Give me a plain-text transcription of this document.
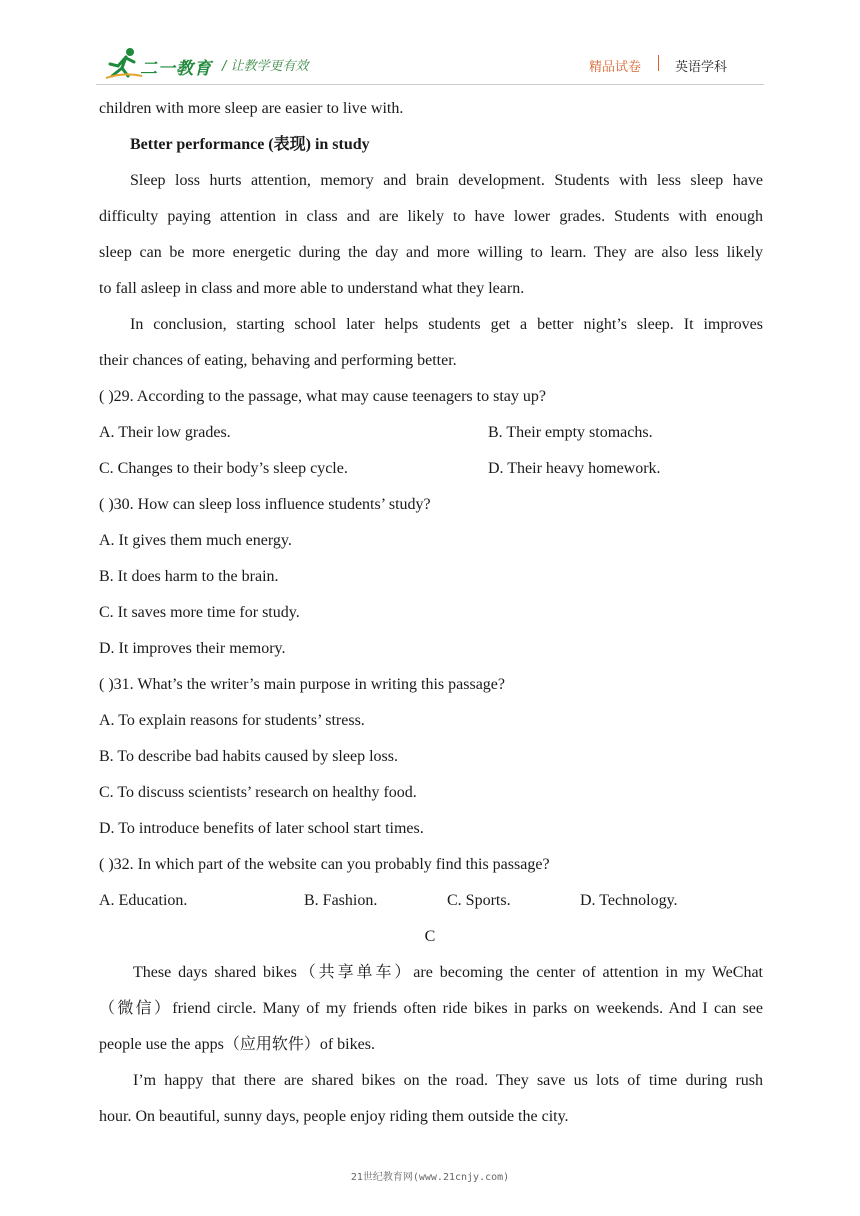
二一教育 / 让教学更有效	精品试卷	英语学科
children with more sleep are easier to live with.
Better performance (表现) in study
Sleep loss hurts attention, memory and brain development. Students with less sleep have
difficulty paying attention in class and are likely to have lower grades. Students with enough
sleep can be more energetic during the day and more willing to learn. They are also less likely
to fall asleep in class and more able to understand what they learn.
In conclusion, starting school later helps students get a better night’s sleep. It improves
their chances of eating, behaving and performing better.
( )29. According to the passage, what may cause teenagers to stay up?
A. Their low grades.	B. Their empty stomachs.
C. Changes to their body’s sleep cycle.	D. Their heavy homework.
( )30. How can sleep loss influence students’ study?
A. It gives them much energy.
B. It does harm to the brain.
C. It saves more time for study.
D. It improves their memory.
( )31. What’s the writer’s main purpose in writing this passage?
A. To explain reasons for students’ stress.
B. To describe bad habits caused by sleep loss.
C. To discuss scientists’ research on healthy food.
D. To introduce benefits of later school start times.
( )32. In which part of the website can you probably find this passage?
A. Education.	B. Fashion.	C. Sports.	D. Technology.
C
These days shared bikes（共享单车）are becoming the center of attention in my WeChat
（微信）friend circle. Many of my friends often ride bikes in parks on weekends. And I can see
people use the apps（应用软件）of bikes.
I’m happy that there are shared bikes on the road. They save us lots of time during rush
hour. On beautiful, sunny days, people enjoy riding them outside the city.
21世纪教育网(www.21cnjy.com)
